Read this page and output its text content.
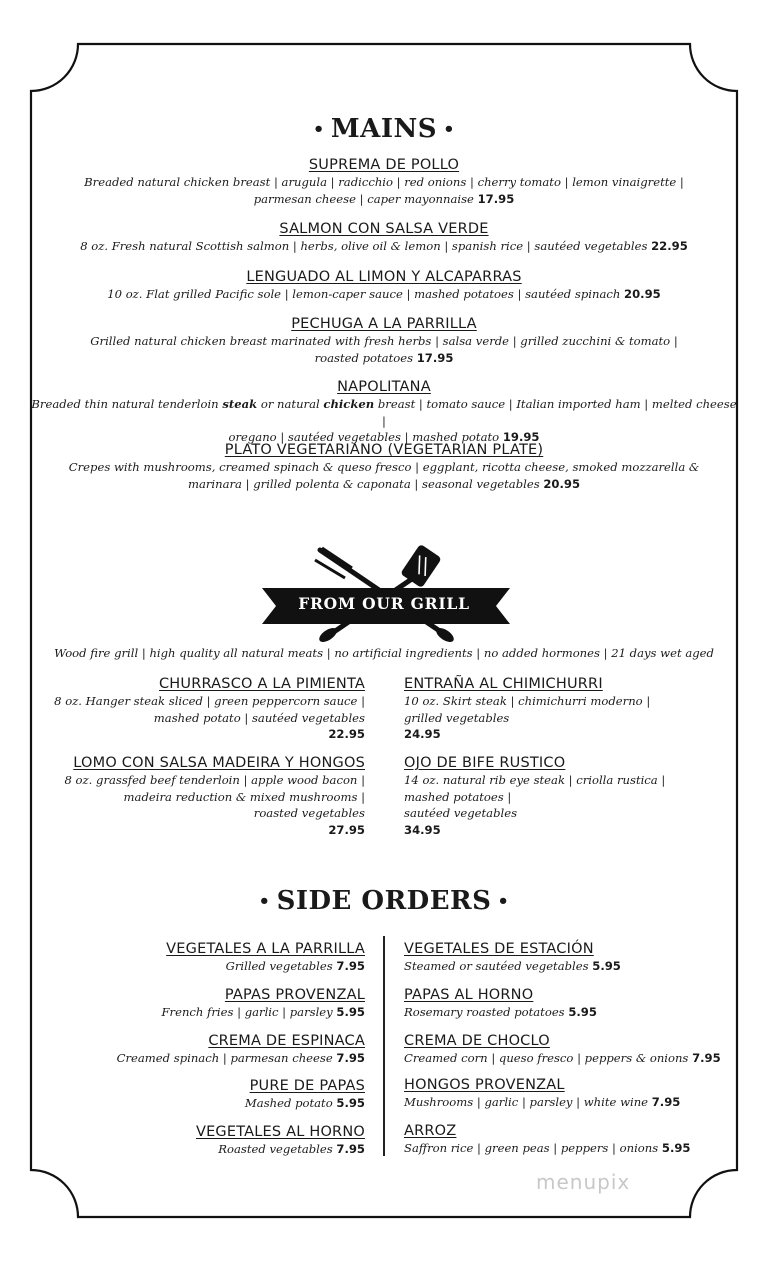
• MAINS •
SUPREMA DE POLLO
Breaded natural chicken breast | arugula | radicchio | red onions | cherry tomato | lemon vinaigrette |
parmesan cheese | caper mayonnaise 17.95
SALMON CON SALSA VERDE
8 oz. Fresh natural Scottish salmon | herbs, olive oil & lemon | spanish rice | sautéed vegetables 22.95
LENGUADO AL LIMON Y ALCAPARRAS
10 oz. Flat grilled Pacific sole | lemon-caper sauce | mashed potatoes | sautéed spinach 20.95
PECHUGA A LA PARRILLA
Grilled natural chicken breast marinated with fresh herbs | salsa verde | grilled zucchini & tomato |
roasted potatoes 17.95
NAPOLITANA
Breaded thin natural tenderloin steak or natural chicken breast | tomato sauce | Italian imported ham | melted cheese |
oregano | sautéed vegetables | mashed potato 19.95
PLATO VEGETARIANO (VEGETARIAN PLATE)
Crepes with mushrooms, creamed spinach & queso fresco | eggplant, ricotta cheese, smoked mozzarella &
marinara | grilled polenta & caponata | seasonal vegetables 20.95
FROM OUR GRILL
Wood fire grill | high quality all natural meats | no artificial ingredients | no added hormones | 21 days wet aged
CHURRASCO A LA PIMIENTA
8 oz. Hanger steak sliced | green peppercorn sauce |
mashed potato | sautéed vegetables
22.95
LOMO CON SALSA MADEIRA Y HONGOS
8 oz. grassfed beef tenderloin | apple wood bacon |
madeira reduction & mixed mushrooms |
roasted vegetables
27.95
ENTRAÑA AL CHIMICHURRI
10 oz. Skirt steak | chimichurri moderno |
grilled vegetables
24.95
OJO DE BIFE RUSTICO
14 oz. natural rib eye steak | criolla rustica |
mashed potatoes |
sautéed vegetables
34.95
• SIDE ORDERS •
VEGETALES A LA PARRILLA
Grilled vegetables 7.95
PAPAS PROVENZAL
French fries | garlic | parsley 5.95
CREMA DE ESPINACA
Creamed spinach | parmesan cheese 7.95
PURE DE PAPAS
Mashed potato 5.95
VEGETALES AL HORNO
Roasted vegetables 7.95
VEGETALES DE ESTACIÓN
Steamed or sautéed vegetables 5.95
PAPAS AL HORNO
Rosemary roasted potatoes 5.95
CREMA DE CHOCLO
Creamed corn | queso fresco | peppers & onions 7.95
HONGOS PROVENZAL
Mushrooms | garlic | parsley | white wine 7.95
ARROZ
Saffron rice | green peas | peppers | onions 5.95
menupix
